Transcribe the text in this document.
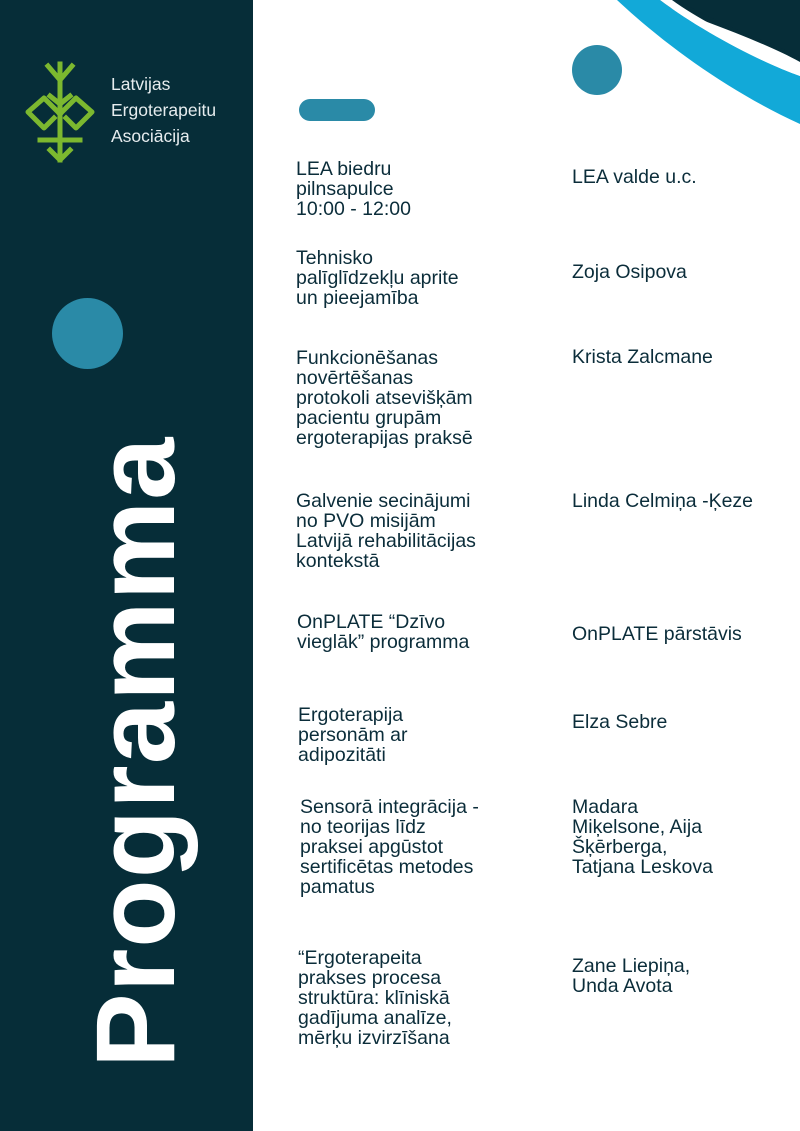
Latvijas
Ergoterapeitu
Asociācija
Programma
LEA biedru
pilnsapulce
10:00 - 12:00
LEA valde u.c.
Tehnisko
palīglīdzekļu aprite
un pieejamība
Zoja Osipova
Funkcionēšanas
novērtēšanas
protokoli atsevišķām
pacientu grupām
ergoterapijas praksē
Krista Zalcmane
Galvenie secinājumi
no PVO misijām
Latvijā rehabilitācijas
kontekstā
Linda Celmiņa -Ķeze
OnPLATE “Dzīvo
vieglāk” programma	OnPLATE pārstāvis
Ergoterapija
personām ar
adipozitāti
Elza Sebre
Sensorā integrācija -
no teorijas līdz
praksei apgūstot
sertificētas metodes
pamatus
Madara
Miķelsone, Aija
Šķērberga,
Tatjana Leskova
“Ergoterapeita
prakses procesa
struktūra: klīniskā
gadījuma analīze,
mērķu izvirzīšana
Zane Liepiņa,
Unda Avota
